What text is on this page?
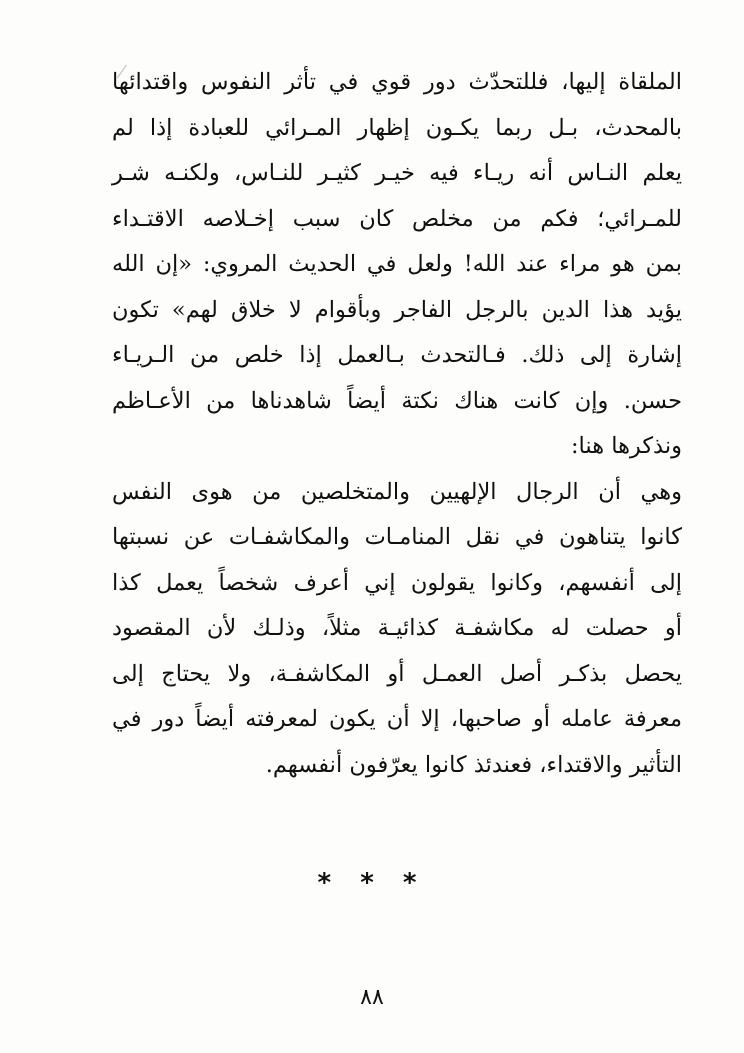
الملقاة إليها، فللتحدّث دور قوي في تأثر النفوس واقتدائها
بالمحدث، بـل ربما يكـون إظهار المـرائي للعبادة إذا لم
يعلم النـاس أنه ريـاء فيه خيـر كثيـر للنـاس، ولكنـه شـر
للمـرائي؛ فكم من مخلص كان سبب إخـلاصه الاقتـداء
بمن هو مراء عند الله! ولعل في الحديث المروي: «إن الله
يؤيد هذا الدين بالرجل الفاجر وبأقوام لا خلاق لهم» تكون
إشارة إلى ذلك. فـالتحدث بـالعمل إذا خلص من الـريـاء
حسن. وإن كانت هناك نكتة أيضاً شاهدناها من الأعـاظم
ونذكرها هنا:
وهي أن الرجال الإلهيين والمتخلصين من هوى النفس
كانوا يتناهون في نقل المنامـات والمكاشفـات عن نسبتها
إلى أنفسهم، وكانوا يقولون إني أعرف شخصاً يعمل كذا
أو حصلت له مكاشفـة كذائيـة مثلاً، وذلـك لأن المقصود
يحصل بذكـر أصل العمـل أو المكاشفـة، ولا يحتاج إلى
معرفة عامله أو صاحبها، إلا أن يكون لمعرفته أيضاً دور في
التأثير والاقتداء، فعندئذ كانوا يعرّفون أنفسهم.
* * *
٨٨
